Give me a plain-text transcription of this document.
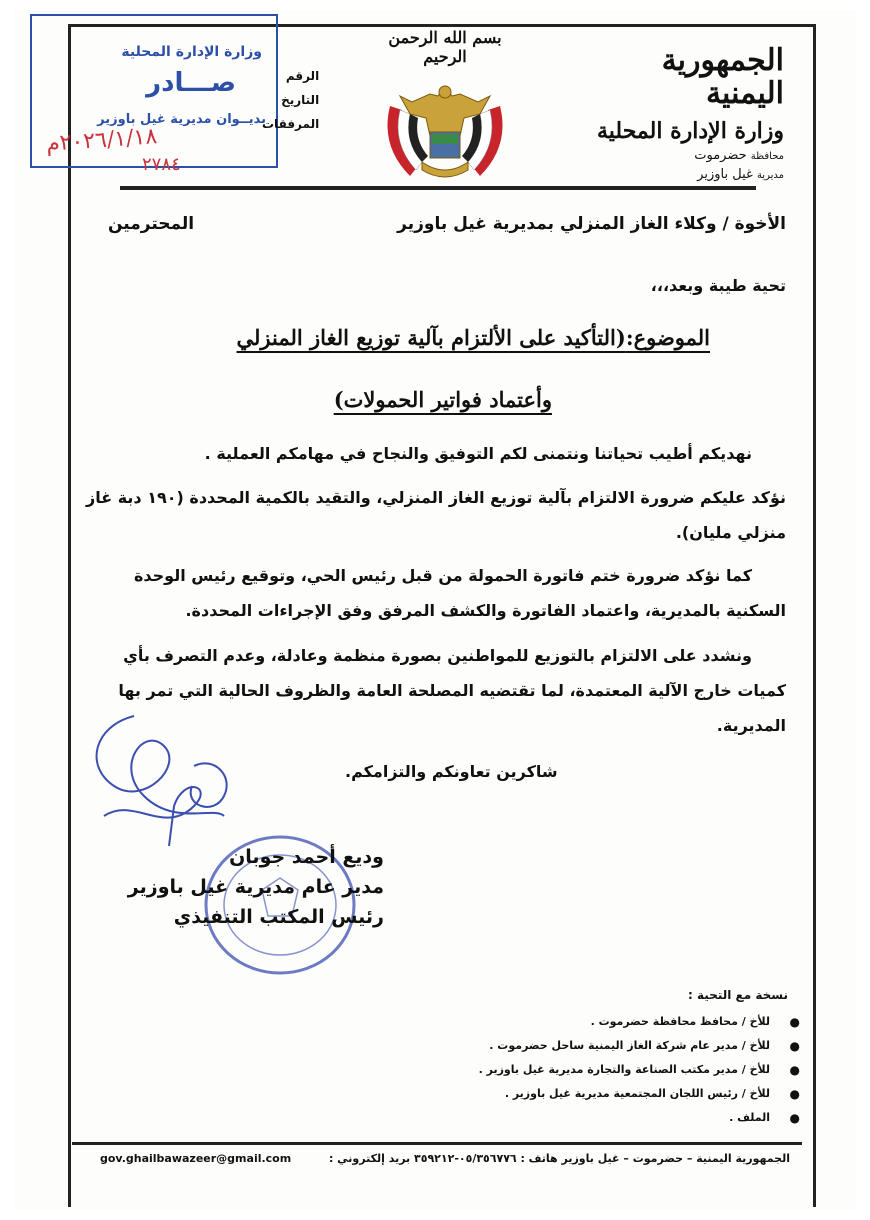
وزارة الإدارة المحلية
صـــادر
بديــوان مديرية غيل باوزير
٢٠٢٦/١/١٨م
٢٧٨٤
الرقم
التاريخ
المرفقات
بسم الله الرحمن الرحيم	الجمهورية اليمنية
وزارة الإدارة المحلية
محافظة حضرموت
مديرية غيل باوزير
الأخوة / وكلاء الغاز المنزلي بمديرية غيل باوزير
المحترمين
تحية طيبة وبعد،،،
الموضوع:(التأكيد على الألتزام بآلية توزيع الغاز المنزلي
وأعتماد فواتير الحمولات)
نهديكم أطيب تحياتنا ونتمنى لكم التوفيق والنجاح في مهامكم العملية .
نؤكد عليكم ضرورة الالتزام بآلية توزيع الغاز المنزلي، والتقيد بالكمية المحددة (١٩٠ دبة غاز منزلي مليان).
كما نؤكد ضرورة ختم فاتورة الحمولة من قبل رئيس الحي، وتوقيع رئيس الوحدة السكنية بالمديرية، واعتماد الفاتورة والكشف المرفق وفق الإجراءات المحددة.
ونشدد على الالتزام بالتوزيع للمواطنين بصورة منظمة وعادلة، وعدم التصرف بأي كميات خارج الآلية المعتمدة، لما تقتضيه المصلحة العامة والظروف الحالية التي تمر بها المديرية.
شاكرين تعاونكم والتزامكم.
وديع أحمد جوبان
مدير عام مديرية غيل باوزير
رئيس المكتب التنفيذي
نسخة مع التحية :
●
للأخ / محافظ محافظة حضرموت .
●
للأخ / مدير عام شركة الغاز اليمنية ساحل حضرموت .
●
للأخ / مدير مكتب الصناعة والتجارة مديرية غيل باوزير .
●
للأخ / رئيس اللجان المجتمعية مديرية غيل باوزير .
●
الملف .
الجمهورية اليمنية – حضرموت – غيل باوزير هاتف : ٠٥/٣٥٦٧٧٦-٣٥٩٢١٢ بريد إلكتروني :
gov.ghailbawazeer@gmail.com
